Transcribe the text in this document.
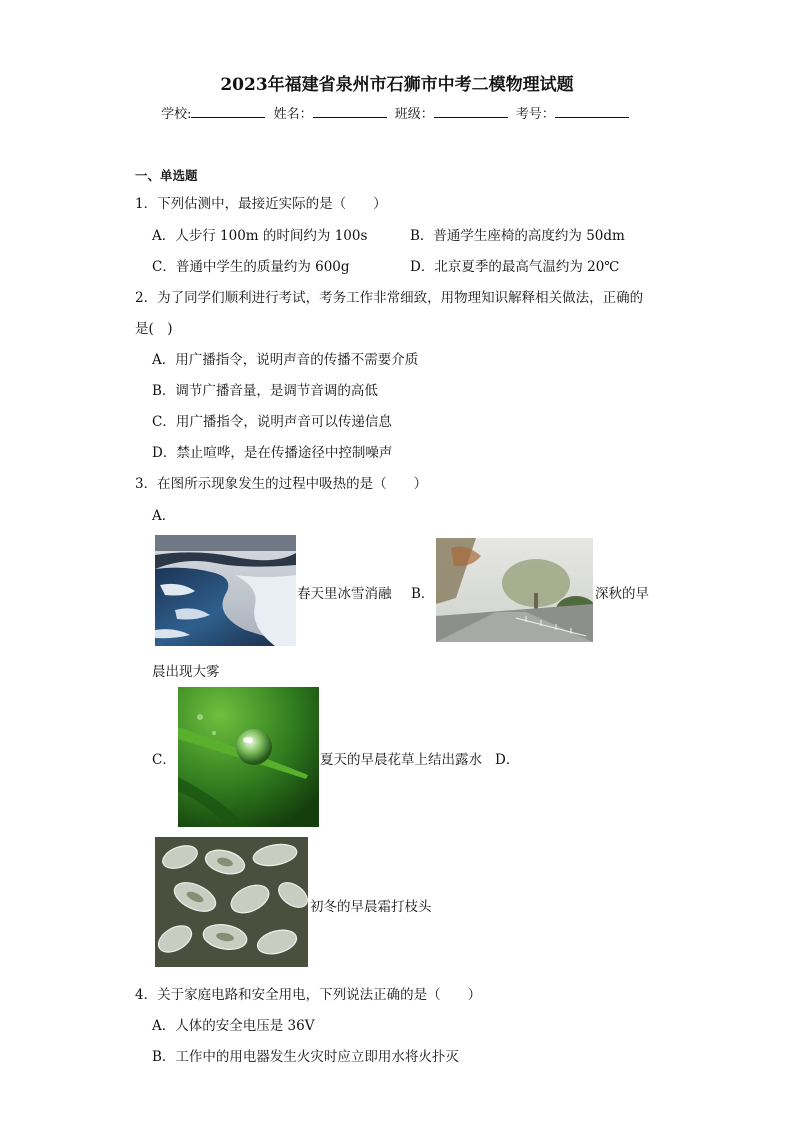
2023年福建省泉州市石狮市中考二模物理试题
学校:	姓名：	班级：	考号：
一、单选题
1．下列估测中，最接近实际的是（　　）
A．人步行 100m 的时间约为 100s	B．普通学生座椅的高度约为 50dm
C．普通中学生的质量约为 600g	D．北京夏季的最高气温约为 20℃
2．为了同学们顺利进行考试，考务工作非常细致，用物理知识解释相关做法，正确的
是(　)
A．用广播指令，说明声音的传播不需要介质
B．调节广播音量，是调节音调的高低
C．用广播指令，说明声音可以传递信息
D．禁止喧哗，是在传播途径中控制噪声
3．在图所示现象发生的过程中吸热的是（　　）
A．
春天里冰雪消融 B．	深秋的早
晨出现大雾
C．	夏天的早晨花草上结出露水 D．
初冬的早晨霜打枝头
4．关于家庭电路和安全用电，下列说法正确的是（　　）
A．人体的安全电压是 36V
B．工作中的用电器发生火灾时应立即用水将火扑灭
